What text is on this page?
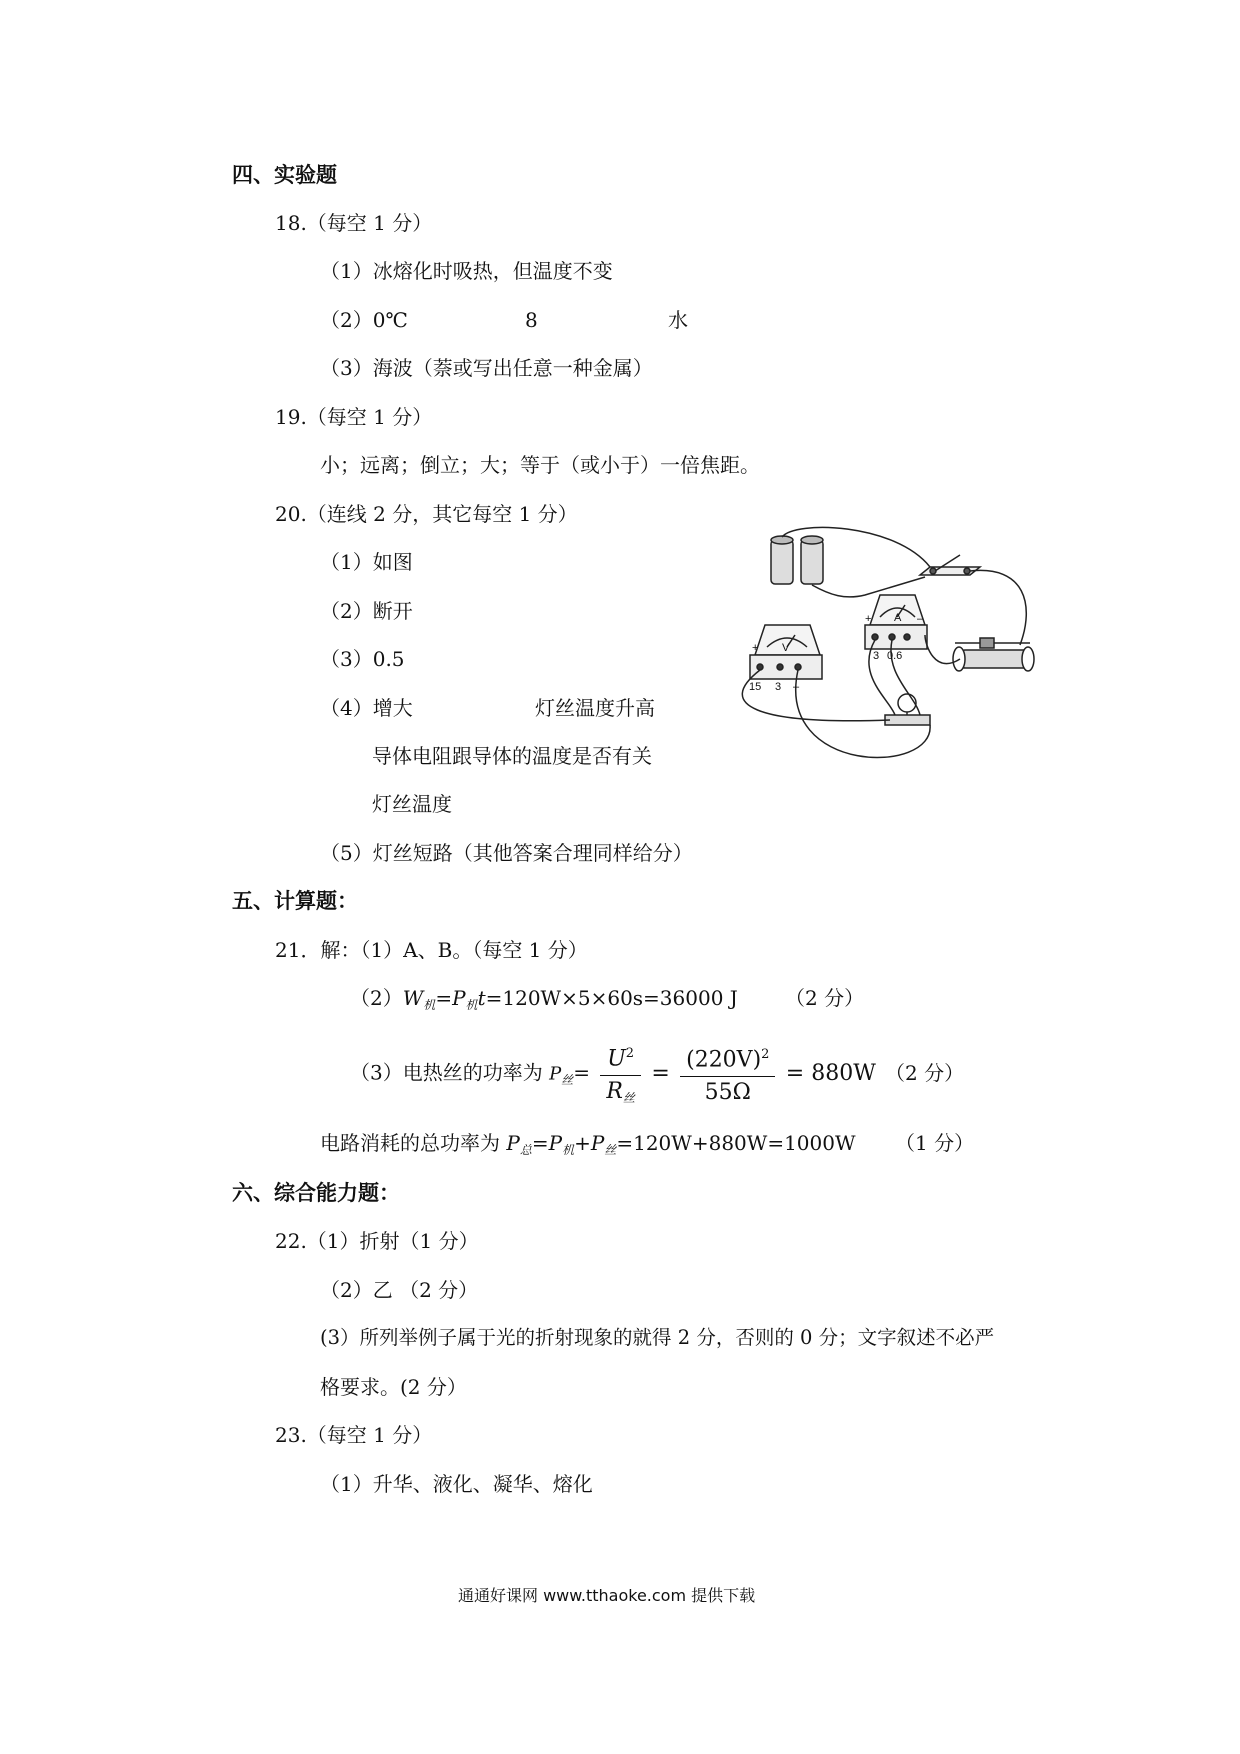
四、实验题
18.（每空 1 分）
（1）冰熔化时吸热，但温度不变
（2）0℃	8	水
（3）海波（萘或写出任意一种金属）
19.（每空 1 分）
小；远离；倒立；大；等于（或小于）一倍焦距。
20.（连线 2 分，其它每空 1 分）
（1）如图
（2）断开
（3）0.5
（4）增大	灯丝温度升高
导体电阻跟导体的温度是否有关
灯丝温度
（5）灯丝短路（其他答案合理同样给分）
A
V
3 0.6
+	–
15 3 –
+
五、计算题：
21．解：（1）A、B。（每空 1 分）
$(2)W_机=P_机t=120W\times 5\times 60s=36000$ J （2 分）
（3）电热丝的功率为 $P_丝= \frac{U^2}{\text{R丝}} = \frac{(220V)^2}{55\Omega} = 880W$ （2 分）
电路消耗的总功率为 $P_总=P_机+P_丝=120W+880W=1000W$ （1 分）
六、综合能力题：
22.（1）折射（1 分）
（2）乙 （2 分）
(3）所列举例子属于光的折射现象的就得 2 分，否则的 0 分；文字叙述不必严
格要求。(2 分）
23.（每空 1 分）
（1）升华、液化、凝华、熔化
通通好课网 www.tthaoke.com 提供下载
